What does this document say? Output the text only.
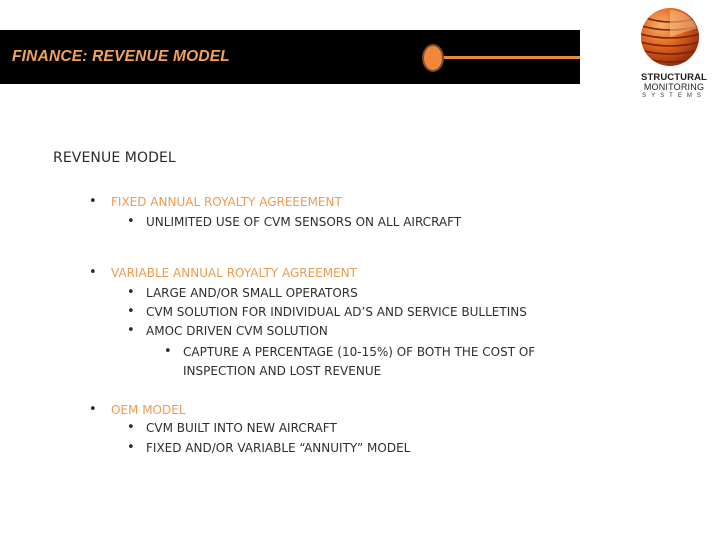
FINANCE: REVENUE MODEL
STRUCTURAL
MONITORING
SYSTEMS
REVENUE MODEL
• FIXED ANNUAL ROYALTY AGREEEMENT
• UNLIMITED USE OF CVM SENSORS ON ALL AIRCRAFT
• VARIABLE ANNUAL ROYALTY AGREEMENT
• LARGE AND/OR SMALL OPERATORS
• CVM SOLUTION FOR INDIVIDUAL AD’S AND SERVICE BULLETINS
• AMOC DRIVEN CVM SOLUTION
• CAPTURE A PERCENTAGE (10-15%) OF BOTH THE COST OF
INSPECTION AND LOST REVENUE
• OEM MODEL
• CVM BUILT INTO NEW AIRCRAFT
• FIXED AND/OR VARIABLE “ANNUITY” MODEL
